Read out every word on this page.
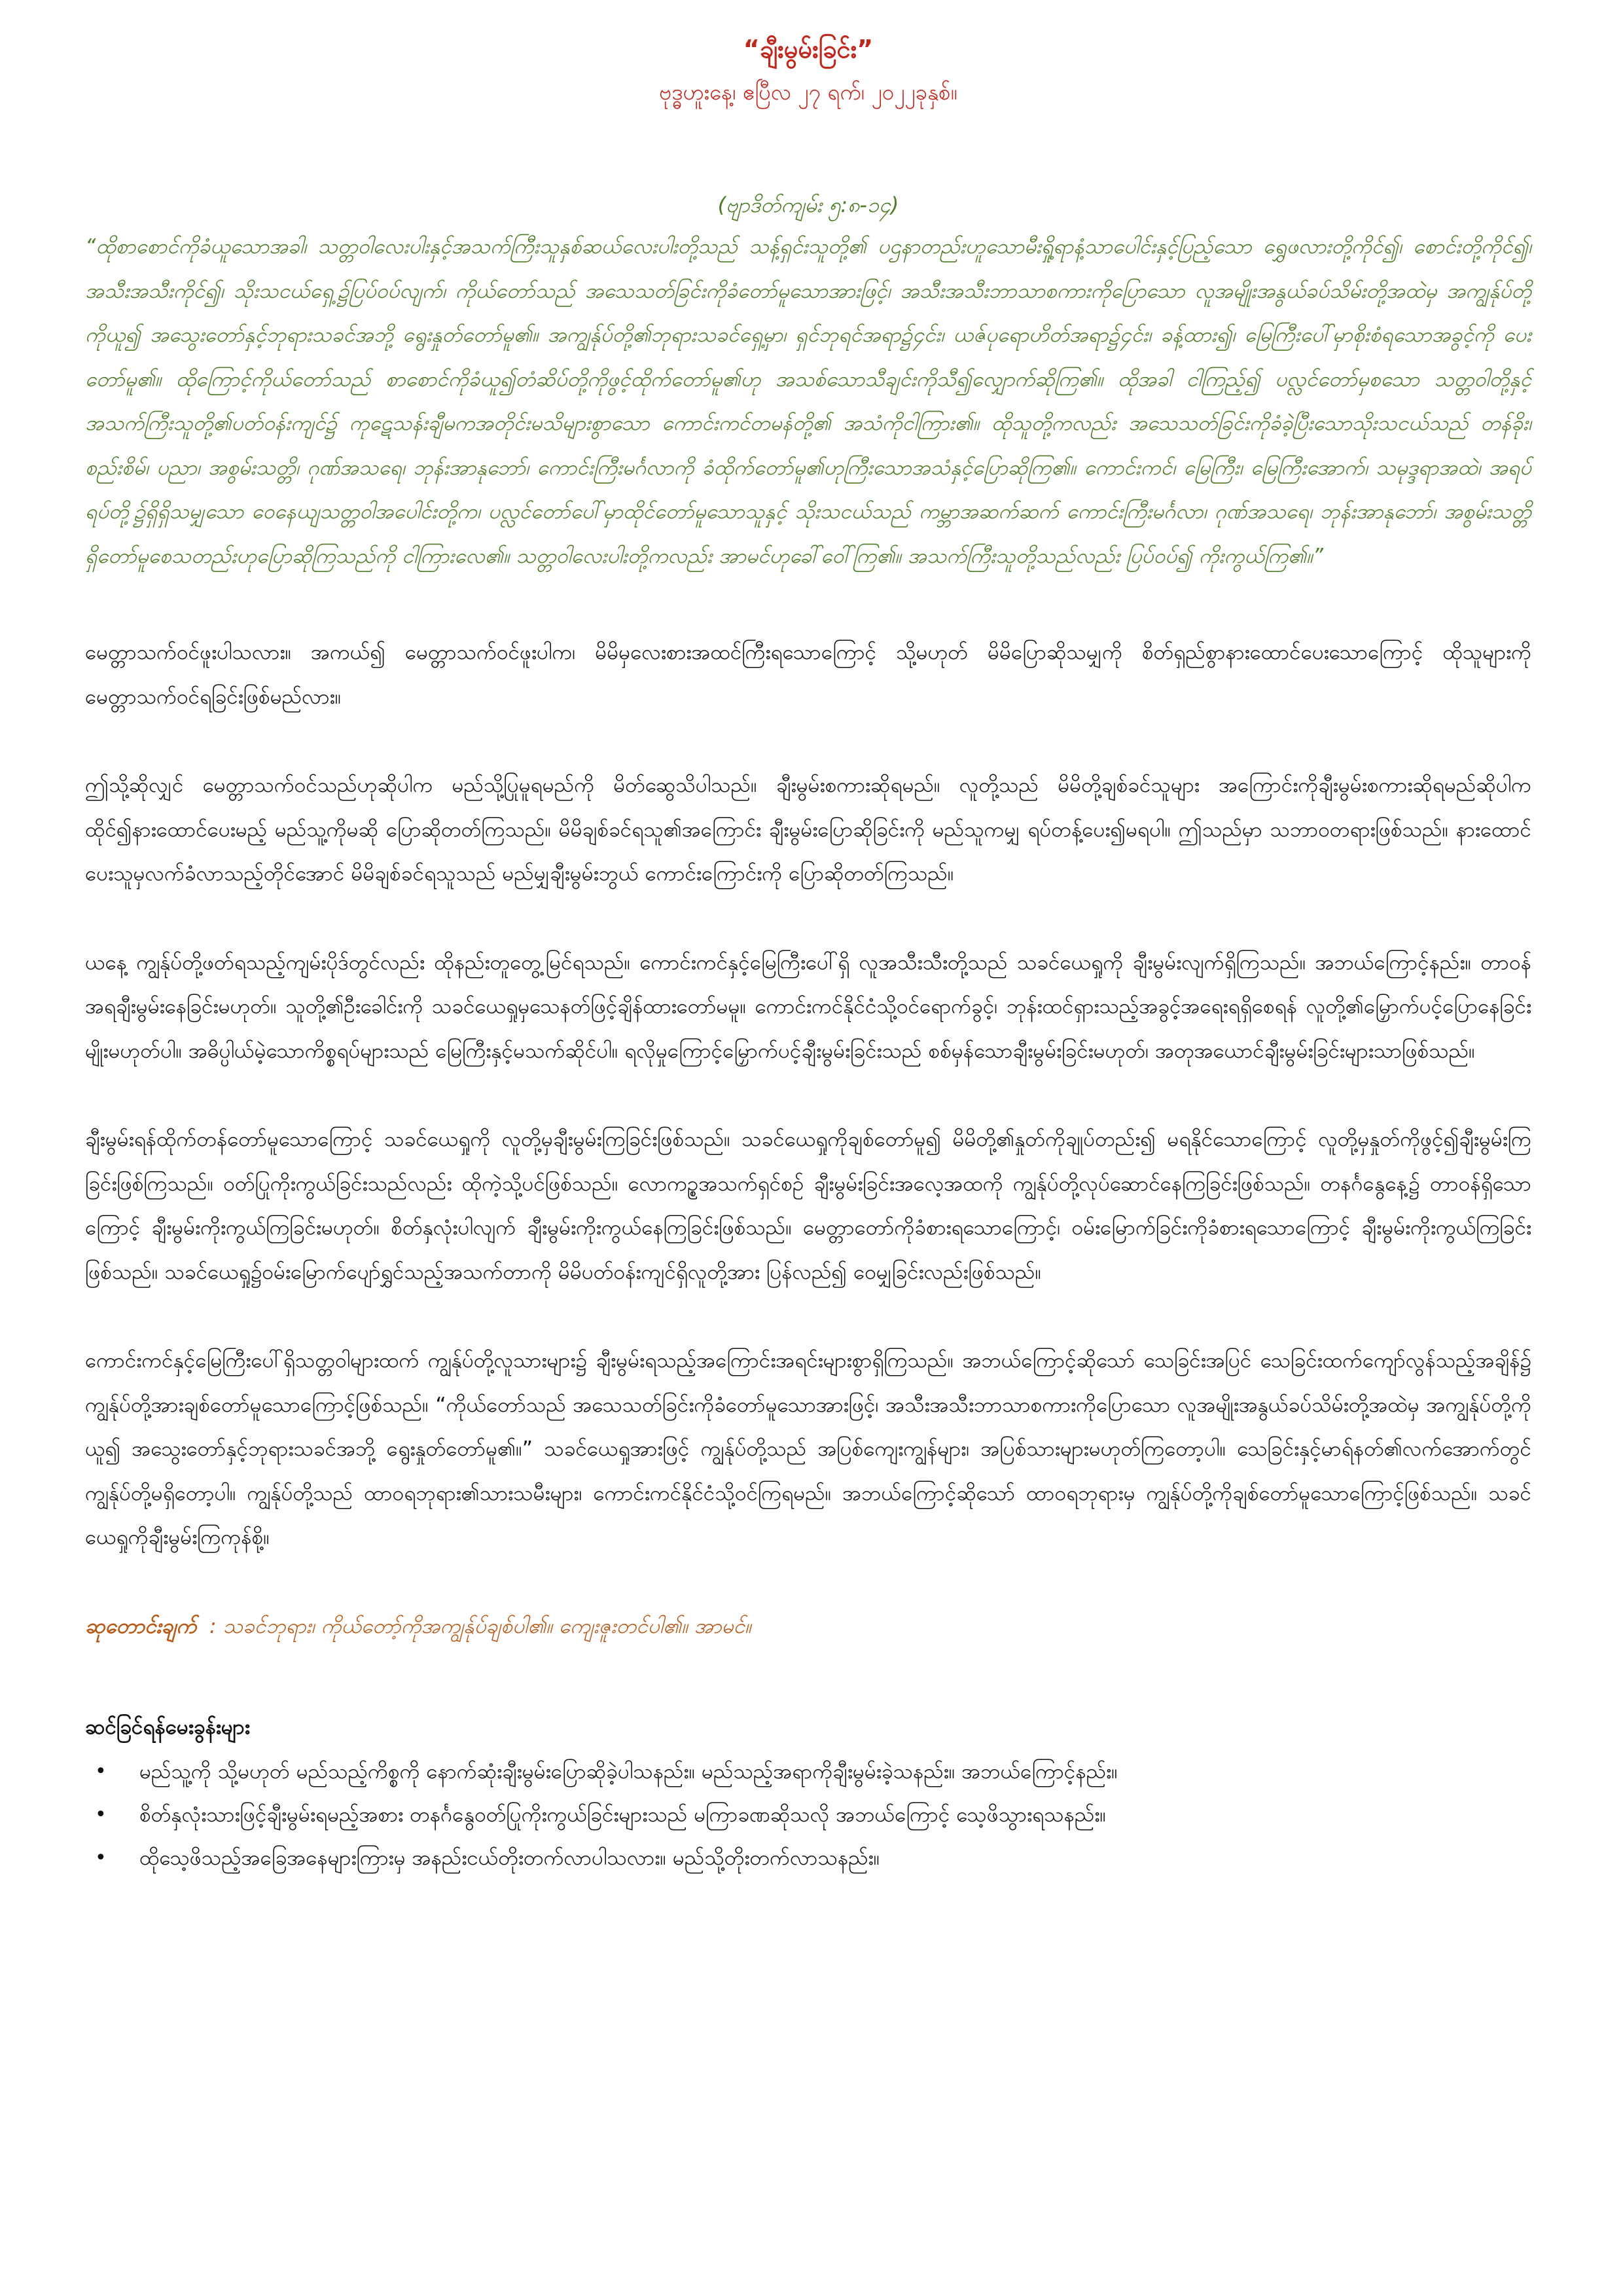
“ချီးမွမ်းခြင်း”

ဗုဒ္ဓဟူးနေ့၊ ဧပြီလ ၂၇ ရက်၊ ၂၀၂၂ခုနှစ်။

(ဗျာဒိတ်ကျမ်း ၅:၈-၁၄)

“ထိုစာစောင်ကိုခံယူသောအခါ၊ သတ္တဝါလေးပါးနှင့်အသက်ကြီးသူနှစ်ဆယ်လေးပါးတို့သည် သန့်ရှင်းသူတို့၏ ပဌနာတည်းဟူသောမီးရှို့ရာနံ့သာပေါင်းနှင့်ပြည့်သော ရွှေဖလားတို့ကိုင်၍၊ စောင်းတို့ကိုင်၍၊ အသီးအသီးကိုင်၍၊ သိုးသငယ်ရှေ့၌ပြပ်ဝပ်လျက်၊ ကိုယ်တော်သည် အသေသတ်ခြင်းကိုခံတော်မူသောအားဖြင့်၊ အသီးအသီးဘာသာစကားကိုပြောသော လူအမျိုးအနွယ်ခပ်သိမ်းတို့အထဲမှ အကျွန်ုပ်တို့ကိုယူ၍ အသွေးတော်နှင့်ဘုရားသခင်အဘို့ ရွေးနှုတ်တော်မူ၏။ အကျွန်ုပ်တို့၏ဘုရားသခင်ရှေ့မှာ၊ ရှင်ဘုရင်အရာ၌၄င်း၊ ယဇ်ပုရောဟိတ်အရာ၌၄င်း၊ ခန့်ထား၍၊ မြေကြီးပေါ်မှာစိုးစံရသောအခွင့်ကို ပေးတော်မူ၏။ ထိုကြောင့်ကိုယ်တော်သည် စာစောင်ကိုခံယူ၍တံဆိပ်တို့ကိုဖွင့်ထိုက်တော်မူ၏ဟု အသစ်သောသီချင်းကိုသီ၍လျှောက်ဆိုကြ၏။ ထိုအခါ ငါကြည့်၍ ပလ္လင်တော်မှစသော သတ္တဝါတို့နှင့် အသက်ကြီးသူတို့၏ပတ်ဝန်းကျင်၌ ကုဋေသန်းချီမကအတိုင်းမသိများစွာသော ကောင်းကင်တမန်တို့၏ အသံကိုငါကြား၏။ ထိုသူတို့ကလည်း အသေသတ်ခြင်းကိုခံခဲ့ပြီးသောသိုးသငယ်သည် တန်ခိုး၊ စည်းစိမ်၊ ပညာ၊ အစွမ်းသတ္တိ၊ ဂုဏ်အသရေ၊ ဘုန်းအာနုဘော်၊ ကောင်းကြီးမင်္ဂလာကို ခံထိုက်တော်မူ၏ဟုကြီးသောအသံနှင့်ပြောဆိုကြ၏။ ကောင်းကင်၊ မြေကြီး၊ မြေကြီးအောက်၊ သမုဒ္ဒရာအထဲ၊ အရပ်ရပ်တို့၌ရှိရှိသမျှသော ဝေနေယျသတ္တဝါအပေါင်းတို့က၊ ပလ္လင်တော်ပေါ်မှာထိုင်တော်မူသောသူနှင့် သိုးသငယ်သည် ကမ္ဘာအဆက်ဆက် ကောင်းကြီးမင်္ဂလာ၊ ဂုဏ်အသရေ၊ ဘုန်းအာနုဘော်၊ အစွမ်းသတ္တိရှိတော်မူစေသတည်းဟုပြောဆိုကြသည်ကို ငါကြားလေ၏။ သတ္တဝါလေးပါးတို့ကလည်း အာမင်ဟုခေါ်ဝေါ်ကြ၏။ အသက်ကြီးသူတို့သည်လည်း ပြပ်ဝပ်၍ ကိုးကွယ်ကြ၏။”

မေတ္တာသက်ဝင်ဖူးပါသလား။ အကယ်၍ မေတ္တာသက်ဝင်ဖူးပါက၊ မိမိမှလေးစားအထင်ကြီးရသောကြောင့် သို့မဟုတ် မိမိပြောဆိုသမျှကို စိတ်ရှည်စွာနားထောင်ပေးသောကြောင့် ထိုသူများကို မေတ္တာသက်ဝင်ရခြင်းဖြစ်မည်လား။

ဤသို့ဆိုလျှင် မေတ္တာသက်ဝင်သည်ဟုဆိုပါက မည်သို့ပြုမူရမည်ကို မိတ်ဆွေသိပါသည်။ ချီးမွမ်းစကားဆိုရမည်။ လူတို့သည် မိမိတို့ချစ်ခင်သူများ အကြောင်းကိုချီးမွမ်းစကားဆိုရမည်ဆိုပါက ထိုင်၍နားထောင်ပေးမည့် မည်သူ့ကိုမဆို ပြောဆိုတတ်ကြသည်။ မိမိချစ်ခင်ရသူ၏အကြောင်း ချီးမွမ်းပြောဆိုခြင်းကို မည်သူကမျှ ရပ်တန့်ပေး၍မရပါ။ ဤသည်မှာ သဘာဝတရားဖြစ်သည်။ နားထောင်ပေးသူမှလက်ခံလာသည့်တိုင်အောင် မိမိချစ်ခင်ရသူသည် မည်မျှချီးမွမ်းဘွယ် ကောင်းကြောင်းကို ပြောဆိုတတ်ကြသည်။

ယနေ့ ကျွန်ုပ်တို့ဖတ်ရသည့်ကျမ်းပိုဒ်တွင်လည်း ထိုနည်းတူတွေ့မြင်ရသည်။ ကောင်းကင်နှင့်မြေကြီးပေါ်ရှိ လူအသီးသီးတို့သည် သခင်ယေရှုကို ချီးမွမ်းလျက်ရှိကြသည်။ အဘယ်ကြောင့်နည်း။ တာဝန်အရချီးမွမ်းနေခြင်းမဟုတ်။ သူတို့၏ဦးခေါင်းကို သခင်ယေရှုမှသေနတ်ဖြင့်ချိန်ထားတော်မမူ။ ကောင်းကင်နိုင်ငံသို့ဝင်ရောက်ခွင့်၊ ဘုန်းထင်ရှားသည့်အခွင့်အရေးရရှိစေရန် လူတို့၏မြှောက်ပင့်ပြောနေခြင်းမျိုးမဟုတ်ပါ။ အဓိပ္ပါယ်မဲ့သောကိစ္စရပ်များသည် မြေကြီးနှင့်မသက်ဆိုင်ပါ။ ရလိုမှုကြောင့်မြှောက်ပင့်ချီးမွမ်းခြင်းသည် စစ်မှန်သောချီးမွမ်းခြင်းမဟုတ်၊ အတုအယောင်ချီးမွမ်းခြင်းများသာဖြစ်သည်။

ချီးမွမ်းရန်ထိုက်တန်တော်မူသောကြောင့် သခင်ယေရှုကို လူတို့မှချီးမွမ်းကြခြင်းဖြစ်သည်။ သခင်ယေရှုကိုချစ်တော်မူ၍ မိမိတို့၏နှုတ်ကိုချုပ်တည်း၍ မရနိုင်သောကြောင့် လူတို့မှနှုတ်ကိုဖွင့်၍ချီးမွမ်းကြခြင်းဖြစ်ကြသည်။ ဝတ်ပြုကိုးကွယ်ခြင်းသည်လည်း ထိုကဲ့သို့ပင်ဖြစ်သည်။ လောကဥ္စအသက်ရှင်စဉ် ချီးမွမ်းခြင်းအလေ့အထကို ကျွန်ုပ်တို့လုပ်ဆောင်နေကြခြင်းဖြစ်သည်။ တနင်္ဂနွေနေ့၌ တာဝန်ရှိသောကြောင့် ချီးမွမ်းကိုးကွယ်ကြခြင်းမဟုတ်။ စိတ်နှလုံးပါလျက် ချီးမွမ်းကိုးကွယ်နေကြခြင်းဖြစ်သည်။ မေတ္တာတော်ကိုခံစားရသောကြောင့်၊ ဝမ်းမြောက်ခြင်းကိုခံစားရသောကြောင့် ချီးမွမ်းကိုးကွယ်ကြခြင်းဖြစ်သည်။ သခင်ယေရှု၌ဝမ်းမြောက်ပျော်ရွှင်သည့်အသက်တာကို မိမိပတ်ဝန်းကျင်ရှိလူတို့အား ပြန်လည်၍ ဝေမျှခြင်းလည်းဖြစ်သည်။

ကောင်းကင်နှင့်မြေကြီးပေါ်ရှိသတ္တဝါများထက် ကျွန်ုပ်တို့လူသားများ၌ ချီးမွမ်းရသည့်အကြောင်းအရင်းများစွာရှိကြသည်။ အဘယ်ကြောင့်ဆိုသော် သေခြင်းအပြင် သေခြင်းထက်ကျော်လွန်သည့်အချိန်၌ ကျွန်ုပ်တို့အားချစ်တော်မူသောကြောင့်ဖြစ်သည်။ “ကိုယ်တော်သည် အသေသတ်ခြင်းကိုခံတော်မူသောအားဖြင့်၊ အသီးအသီးဘာသာစကားကိုပြောသော လူအမျိုးအနွယ်ခပ်သိမ်းတို့အထဲမှ အကျွန်ုပ်တို့ကိုယူ၍ အသွေးတော်နှင့်ဘုရားသခင်အဘို့ ရွေးနှုတ်တော်မူ၏။” သခင်ယေရှုအားဖြင့် ကျွန်ုပ်တို့သည် အပြစ်ကျေးကျွန်များ၊ အပြစ်သားများမဟုတ်ကြတော့ပါ။ သေခြင်းနှင့်မာရ်နတ်၏လက်အောက်တွင် ကျွန်ုပ်တို့မရှိတော့ပါ။ ကျွန်ုပ်တို့သည် ထာဝရဘုရား၏သားသမီးများ၊ ကောင်းကင်နိုင်ငံသို့ဝင်ကြရမည်။ အဘယ်ကြောင့်ဆိုသော် ထာဝရဘုရားမှ ကျွန်ုပ်တို့ကိုချစ်တော်မူသောကြောင့်ဖြစ်သည်။ သခင်ယေရှုကိုချီးမွမ်းကြကုန်စို့။

ဆုတောင်းချက် : သခင်ဘုရား၊ ကိုယ်တော့်ကိုအကျွန်ုပ်ချစ်ပါ၏။ ကျေးဇူးတင်ပါ၏။ အာမင်။

ဆင်ခြင်ရန်မေးခွန်းများ

•	မည်သူ့ကို သို့မဟုတ် မည်သည့်ကိစ္စကို နောက်ဆုံးချီးမွမ်းပြောဆိုခဲ့ပါသနည်း။ မည်သည့်အရာကိုချီးမွမ်းခဲ့သနည်း။ အဘယ်ကြောင့်နည်း။
•	စိတ်နှလုံးသားဖြင့်ချီးမွမ်းရမည့်အစား တနင်္ဂနွေဝတ်ပြုကိုးကွယ်ခြင်းများသည် မကြာခဏဆိုသလို အဘယ်ကြောင့် သေ့ဖိသွားရသနည်း။
•	ထိုသေ့ဖိသည့်အခြေအနေများကြားမှ အနည်းငယ်တိုးတက်လာပါသလား။ မည်သို့တိုးတက်လာသနည်း။
